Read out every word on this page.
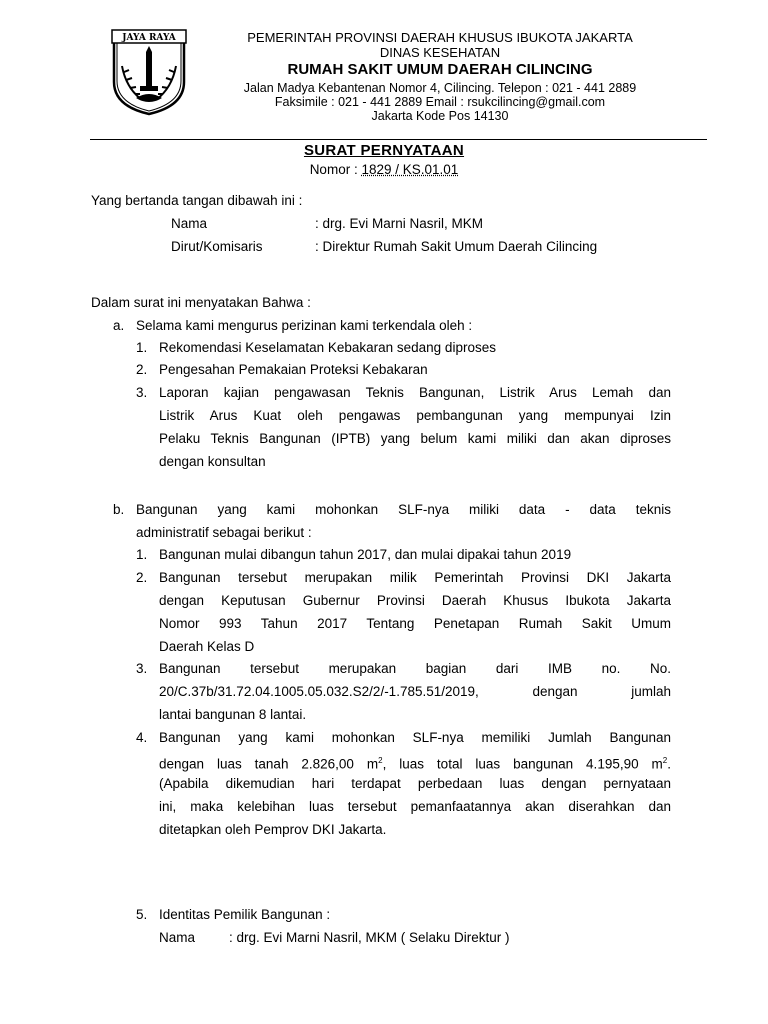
JAYA RAYA	PEMERINTAH PROVINSI DAERAH KHUSUS IBUKOTA JAKARTA
DINAS KESEHATAN
RUMAH SAKIT UMUM DAERAH CILINCING
Jalan Madya Kebantenan Nomor 4, Cilincing. Telepon : 021 - 441 2889
Faksimile : 021 - 441 2889 Email : rsukcilincing@gmail.com
Jakarta Kode Pos 14130
SURAT PERNYATAAN
Nomor : 1829 / KS.01.01
Yang bertanda tangan dibawah ini :
Nama	: drg. Evi Marni Nasril, MKM
Dirut/Komisaris	: Direktur Rumah Sakit Umum Daerah Cilincing
Dalam surat ini menyatakan Bahwa :
a. Selama kami mengurus perizinan kami terkendala oleh :
1. Rekomendasi Keselamatan Kebakaran sedang diproses
2. Pengesahan Pemakaian Proteksi Kebakaran
3. Laporan kajian pengawasan Teknis Bangunan, Listrik Arus Lemah dan
Listrik Arus Kuat oleh pengawas pembangunan yang mempunyai Izin
Pelaku Teknis Bangunan (IPTB) yang belum kami miliki dan akan diproses
dengan konsultan
b. Bangunan yang kami mohonkan SLF-nya miliki data - data teknis
administratif sebagai berikut :
1. Bangunan mulai dibangun tahun 2017, dan mulai dipakai tahun 2019
2. Bangunan tersebut merupakan milik Pemerintah Provinsi DKI Jakarta
dengan Keputusan Gubernur Provinsi Daerah Khusus Ibukota Jakarta
Nomor 993 Tahun 2017 Tentang Penetapan Rumah Sakit Umum
Daerah Kelas D
3. Bangunan tersebut merupakan bagian dari IMB no. No.
20/C.37b/31.72.04.1005.05.032.S2/2/-1.785.51/2019, dengan jumlah
lantai bangunan 8 lantai.
4. Bangunan yang kami mohonkan SLF-nya memiliki Jumlah Bangunan
dengan luas tanah 2.826,00 $m^2$, luas total luas bangunan 4.195,90 $m^2$.
(Apabila dikemudian hari terdapat perbedaan luas dengan pernyataan
ini, maka kelebihan luas tersebut pemanfaatannya akan diserahkan dan
ditetapkan oleh Pemprov DKI Jakarta.
5. Identitas Pemilik Bangunan :
Nama	: drg. Evi Marni Nasril, MKM ( Selaku Direktur )
